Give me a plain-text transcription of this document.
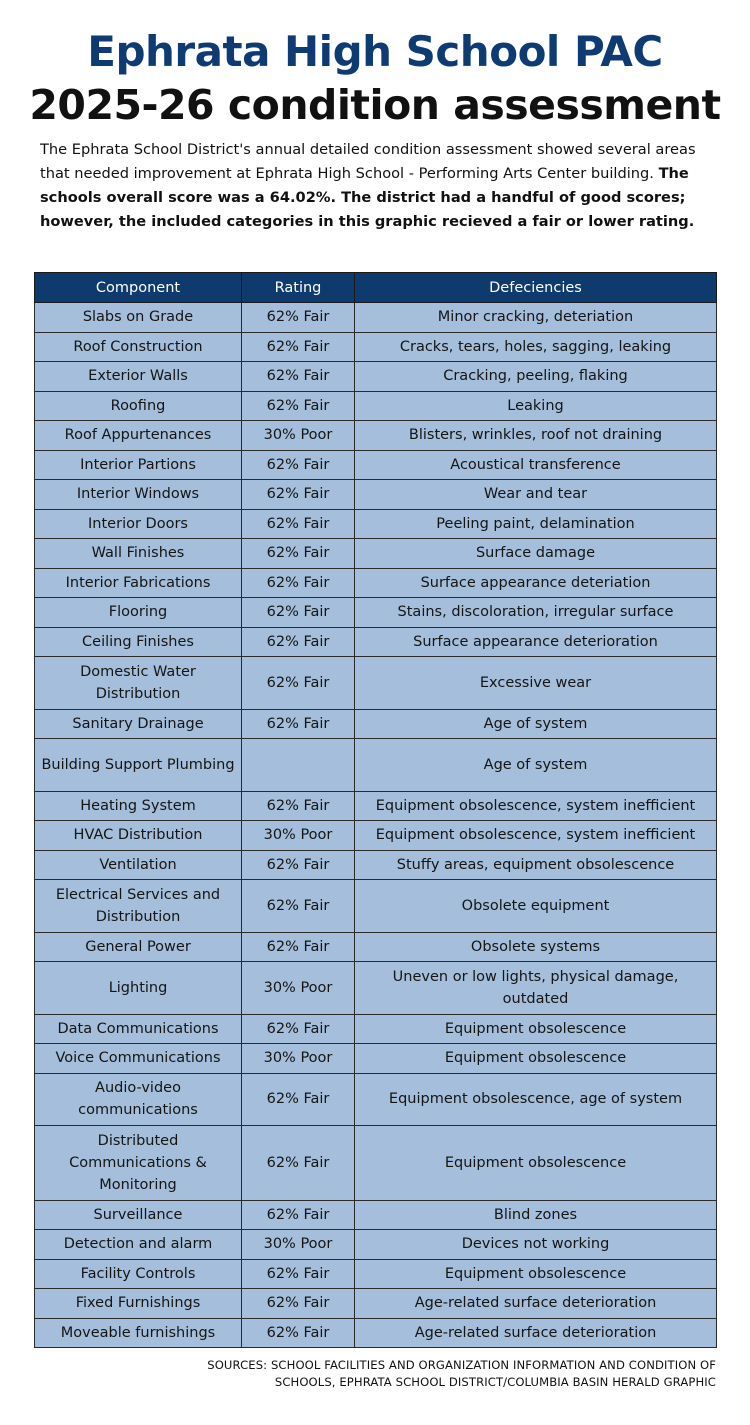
Ephrata High School PAC
2025-26 condition assessment

The Ephrata School District's annual detailed condition assessment showed several areas that needed improvement at Ephrata High School - Performing Arts Center building. The schools overall score was a 64.02%. The district had a handful of good scores; however, the included categories in this graphic recieved a fair or lower rating.

Component	Rating	Defeciencies
Slabs on Grade	62% Fair	Minor cracking, deteriation
Roof Construction	62% Fair	Cracks, tears, holes, sagging, leaking
Exterior Walls	62% Fair	Cracking, peeling, flaking
Roofing	62% Fair	Leaking
Roof Appurtenances	30% Poor	Blisters, wrinkles, roof not draining
Interior Partions	62% Fair	Acoustical transference
Interior Windows	62% Fair	Wear and tear
Interior Doors	62% Fair	Peeling paint, delamination
Wall Finishes	62% Fair	Surface damage
Interior Fabrications	62% Fair	Surface appearance deteriation
Flooring	62% Fair	Stains, discoloration, irregular surface
Ceiling Finishes	62% Fair	Surface appearance deterioration
Domestic Water Distribution	62% Fair	Excessive wear
Sanitary Drainage	62% Fair	Age of system
Building Support Plumbing		Age of system
Heating System	62% Fair	Equipment obsolescence, system inefficient
HVAC Distribution	30% Poor	Equipment obsolescence, system inefficient
Ventilation	62% Fair	Stuffy areas, equipment obsolescence
Electrical Services and Distribution	62% Fair	Obsolete equipment
General Power	62% Fair	Obsolete systems
Lighting	30% Poor	Uneven or low lights, physical damage, outdated
Data Communications	62% Fair	Equipment obsolescence
Voice Communications	30% Poor	Equipment obsolescence
Audio-video communications	62% Fair	Equipment obsolescence, age of system
Distributed Communications & Monitoring	62% Fair	Equipment obsolescence
Surveillance	62% Fair	Blind zones
Detection and alarm	30% Poor	Devices not working
Facility Controls	62% Fair	Equipment obsolescence
Fixed Furnishings	62% Fair	Age-related surface deterioration
Moveable furnishings	62% Fair	Age-related surface deterioration
SOURCES: SCHOOL FACILITIES AND ORGANIZATION INFORMATION AND CONDITION OF
SCHOOLS, EPHRATA SCHOOL DISTRICT/COLUMBIA BASIN HERALD GRAPHIC
